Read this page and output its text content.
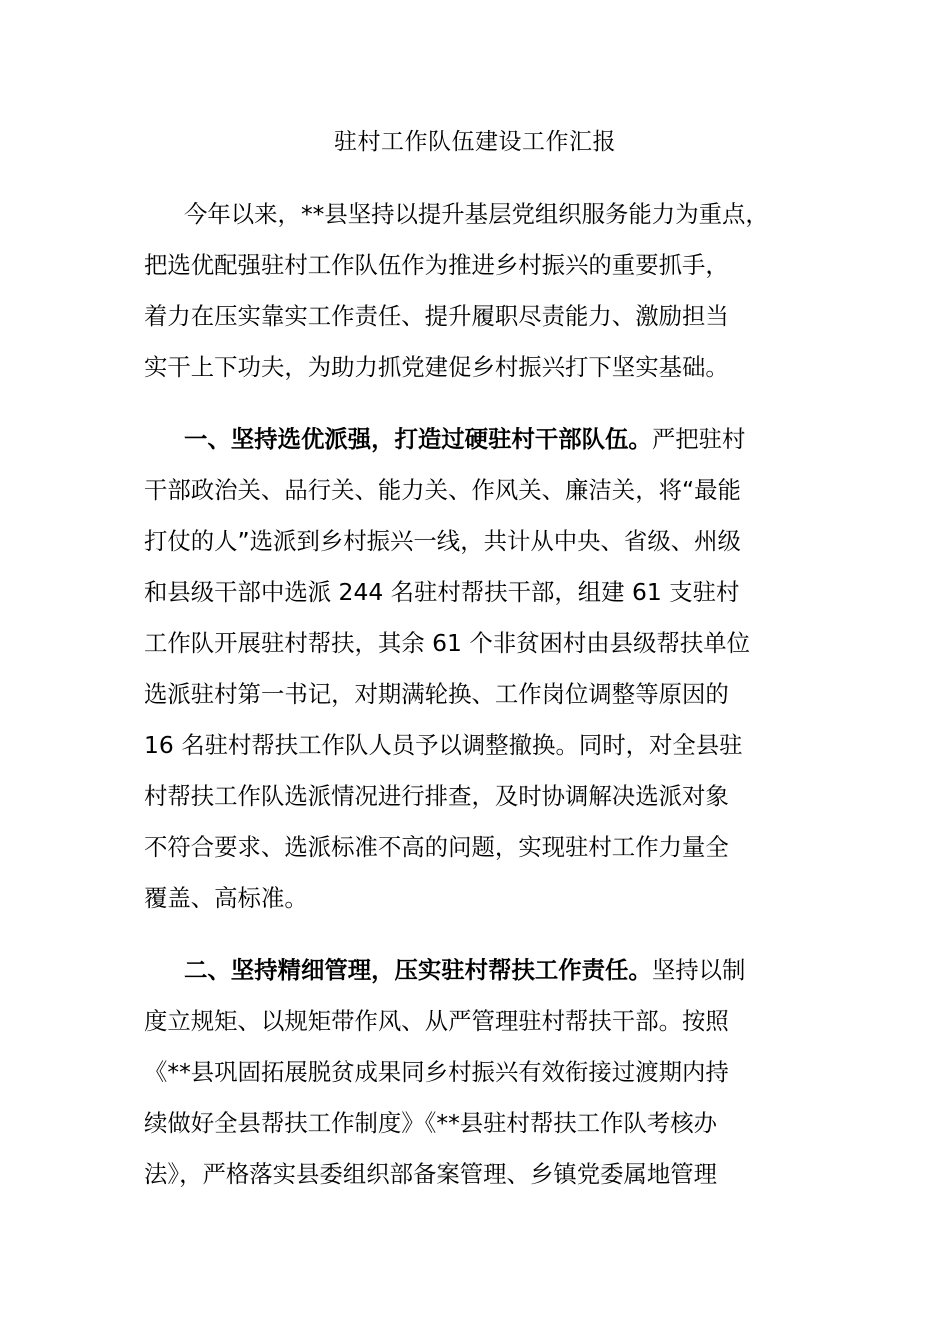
驻村工作队伍建设工作汇报
今年以来，**县坚持以提升基层党组织服务能力为重点，
把选优配强驻村工作队伍作为推进乡村振兴的重要抓手，
着力在压实靠实工作责任、提升履职尽责能力、激励担当
实干上下功夫，为助力抓党建促乡村振兴打下坚实基础。
一、坚持选优派强，打造过硬驻村干部队伍。严把驻村
干部政治关、品行关、能力关、作风关、廉洁关，将“最能
打仗的人”选派到乡村振兴一线，共计从中央、省级、州级
和县级干部中选派 244 名驻村帮扶干部，组建 61 支驻村
工作队开展驻村帮扶，其余 61 个非贫困村由县级帮扶单位
选派驻村第一书记，对期满轮换、工作岗位调整等原因的
16 名驻村帮扶工作队人员予以调整撤换。同时，对全县驻
村帮扶工作队选派情况进行排查，及时协调解决选派对象
不符合要求、选派标准不高的问题，实现驻村工作力量全
覆盖、高标准。
二、坚持精细管理，压实驻村帮扶工作责任。坚持以制
度立规矩、以规矩带作风、从严管理驻村帮扶干部。按照
《**县巩固拓展脱贫成果同乡村振兴有效衔接过渡期内持
续做好全县帮扶工作制度》《**县驻村帮扶工作队考核办
法》，严格落实县委组织部备案管理、乡镇党委属地管理
